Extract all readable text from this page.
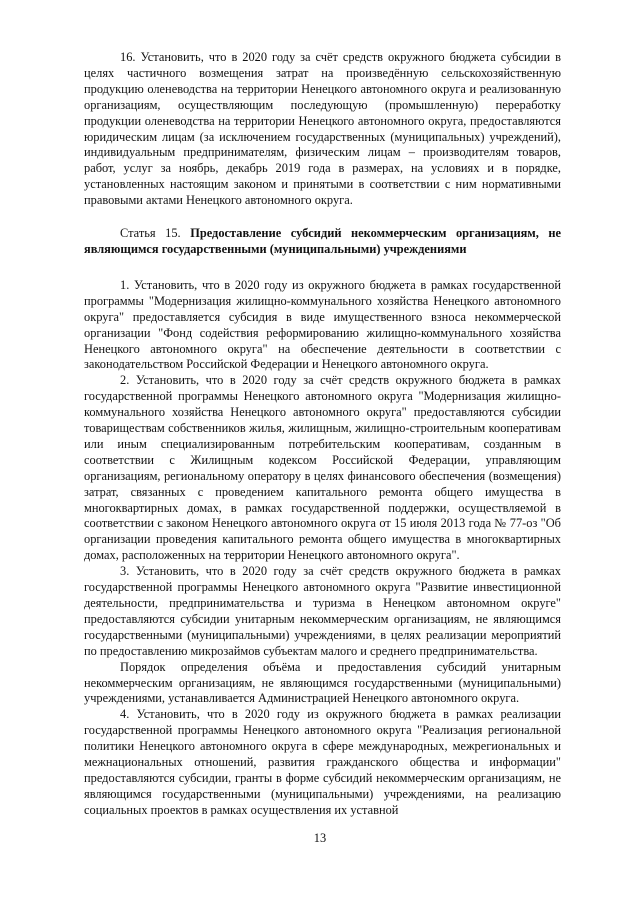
16. Установить, что в 2020 году за счёт средств окружного бюджета субсидии в целях частичного возмещения затрат на произведённую сельскохозяйственную продукцию оленеводства на территории Ненецкого автономного округа и реализованную организациям, осуществляющим последующую (промышленную) переработку продукции оленеводства на территории Ненецкого автономного округа, предоставляются юридическим лицам (за исключением государственных (муниципальных) учреждений), индивидуальным предпринимателям, физическим лицам – производителям товаров, работ, услуг за ноябрь, декабрь 2019 года в размерах, на условиях и в порядке, установленных настоящим законом и принятыми в соответствии с ним нормативными правовыми актами Ненецкого автономного округа.

Статья 15. Предоставление субсидий некоммерческим организациям, не являющимся государственными (муниципальными) учреждениями

1. Установить, что в 2020 году из окружного бюджета в рамках государственной программы "Модернизация жилищно-коммунального хозяйства Ненецкого автономного округа" предоставляется субсидия в виде имущественного взноса некоммерческой организации "Фонд содействия реформированию жилищно-коммунального хозяйства Ненецкого автономного округа" на обеспечение деятельности в соответствии с законодательством Российской Федерации и Ненецкого автономного округа.

2. Установить, что в 2020 году за счёт средств окружного бюджета в рамках государственной программы Ненецкого автономного округа "Модернизация жилищно-коммунального хозяйства Ненецкого автономного округа" предоставляются субсидии товариществам собственников жилья, жилищным, жилищно-строительным кооперативам или иным специализированным потребительским кооперативам, созданным в соответствии с Жилищным кодексом Российской Федерации, управляющим организациям, региональному оператору в целях финансового обеспечения (возмещения) затрат, связанных с проведением капитального ремонта общего имущества в многоквартирных домах, в рамках государственной поддержки, осуществляемой в соответствии с законом Ненецкого автономного округа от 15 июля 2013 года № 77-оз "Об организации проведения капитального ремонта общего имущества в многоквартирных домах, расположенных на территории Ненецкого автономного округа".

3. Установить, что в 2020 году за счёт средств окружного бюджета в рамках государственной программы Ненецкого автономного округа "Развитие инвестиционной деятельности, предпринимательства и туризма в Ненецком автономном округе" предоставляются субсидии унитарным некоммерческим организациям, не являющимся государственными (муниципальными) учреждениями, в целях реализации мероприятий по предоставлению микрозаймов субъектам малого и среднего предпринимательства.

Порядок определения объёма и предоставления субсидий унитарным некоммерческим организациям, не являющимся государственными (муниципальными) учреждениями, устанавливается Администрацией Ненецкого автономного округа.

4. Установить, что в 2020 году из окружного бюджета в рамках реализации государственной программы Ненецкого автономного округа "Реализация региональной политики Ненецкого автономного округа в сфере международных, межрегиональных и межнациональных отношений, развития гражданского общества и информации" предоставляются субсидии, гранты в форме субсидий некоммерческим организациям, не являющимся государственными (муниципальными) учреждениями, на реализацию социальных проектов в рамках осуществления их уставной

13
